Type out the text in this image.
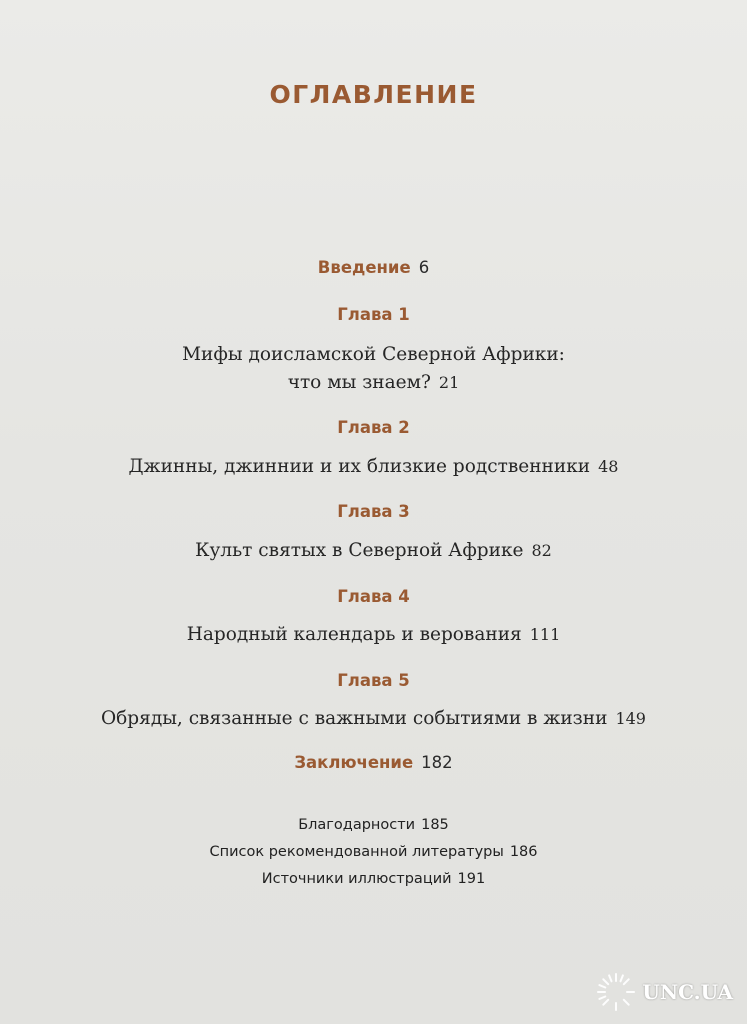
ОГЛАВЛЕНИЕ
Введение 6
Глава 1
Мифы доисламской Северной Африки:
что мы знаем? 21
Глава 2
Джинны, джиннии и их близкие родственники 48
Глава 3
Культ святых в Северной Африке 82
Глава 4
Народный календарь и верования 111
Глава 5
Обряды, связанные с важными событиями в жизни 149
Заключение 182
Благодарности 185
Список рекомендованной литературы 186
Источники иллюстраций 191
UNC.UA
